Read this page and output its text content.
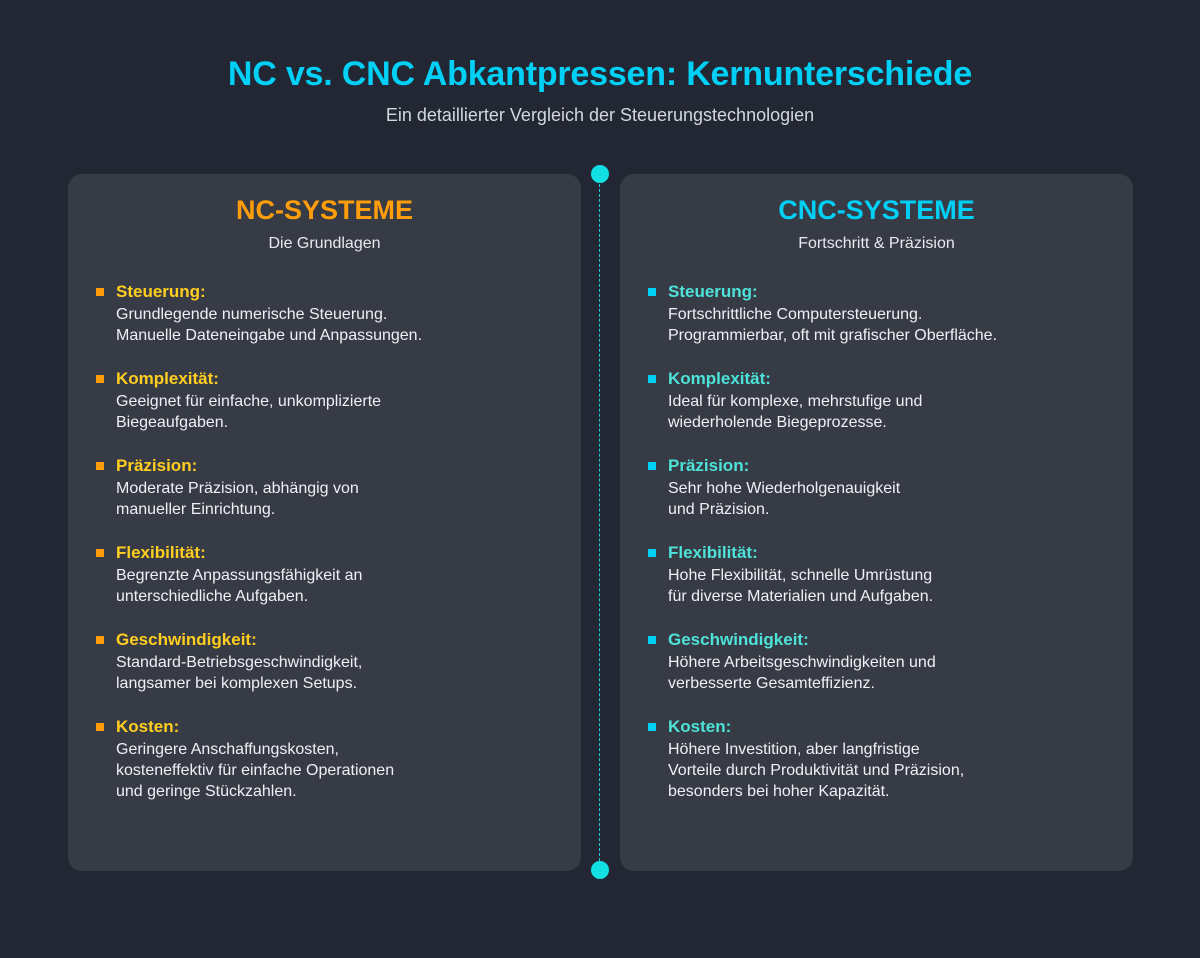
NC vs. CNC Abkantpressen: Kernunterschiede
Ein detaillierter Vergleich der Steuerungstechnologien
NC-SYSTEME
Die Grundlagen
Steuerung:
Grundlegende numerische Steuerung.
Manuelle Dateneingabe und Anpassungen.
Komplexität:
Geeignet für einfache, unkomplizierte
Biegeaufgaben.
Präzision:
Moderate Präzision, abhängig von
manueller Einrichtung.
Flexibilität:
Begrenzte Anpassungsfähigkeit an
unterschiedliche Aufgaben.
Geschwindigkeit:
Standard-Betriebsgeschwindigkeit,
langsamer bei komplexen Setups.
Kosten:
Geringere Anschaffungskosten,
kosteneffektiv für einfache Operationen
und geringe Stückzahlen.
CNC-SYSTEME
Fortschritt & Präzision
Steuerung:
Fortschrittliche Computersteuerung.
Programmierbar, oft mit grafischer Oberfläche.
Komplexität:
Ideal für komplexe, mehrstufige und
wiederholende Biegeprozesse.
Präzision:
Sehr hohe Wiederholgenauigkeit
und Präzision.
Flexibilität:
Hohe Flexibilität, schnelle Umrüstung
für diverse Materialien und Aufgaben.
Geschwindigkeit:
Höhere Arbeitsgeschwindigkeiten und
verbesserte Gesamteffizienz.
Kosten:
Höhere Investition, aber langfristige
Vorteile durch Produktivität und Präzision,
besonders bei hoher Kapazität.
